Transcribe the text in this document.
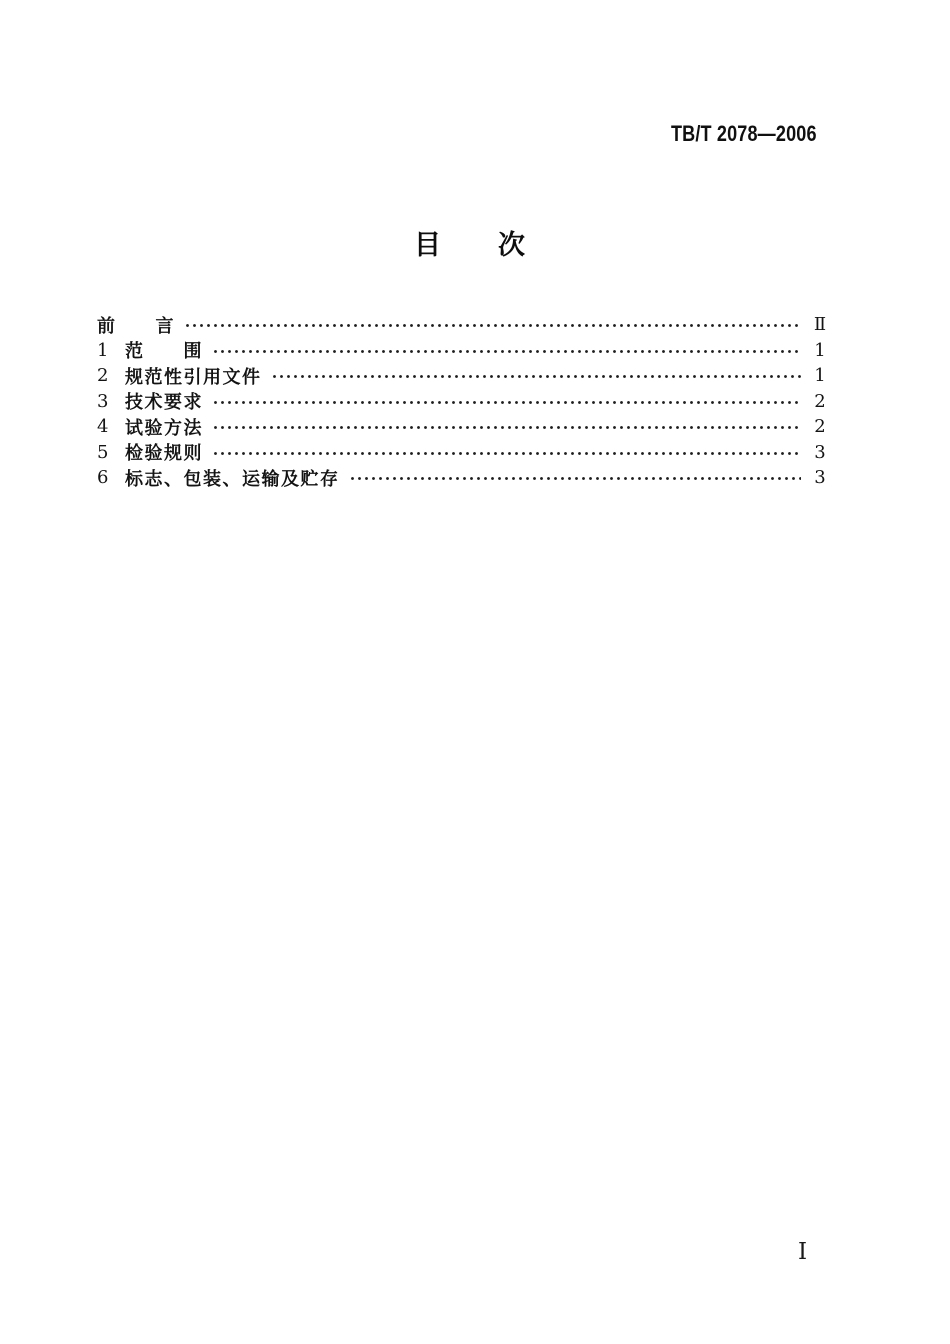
TB/T 2078—2006
目　　次
前　　言	Ⅱ
1 范　　围	1
2 规范性引用文件	1
3 技术要求	2
4 试验方法	2
5 检验规则	3
6 标志、包装、运输及贮存	3
Ⅰ
